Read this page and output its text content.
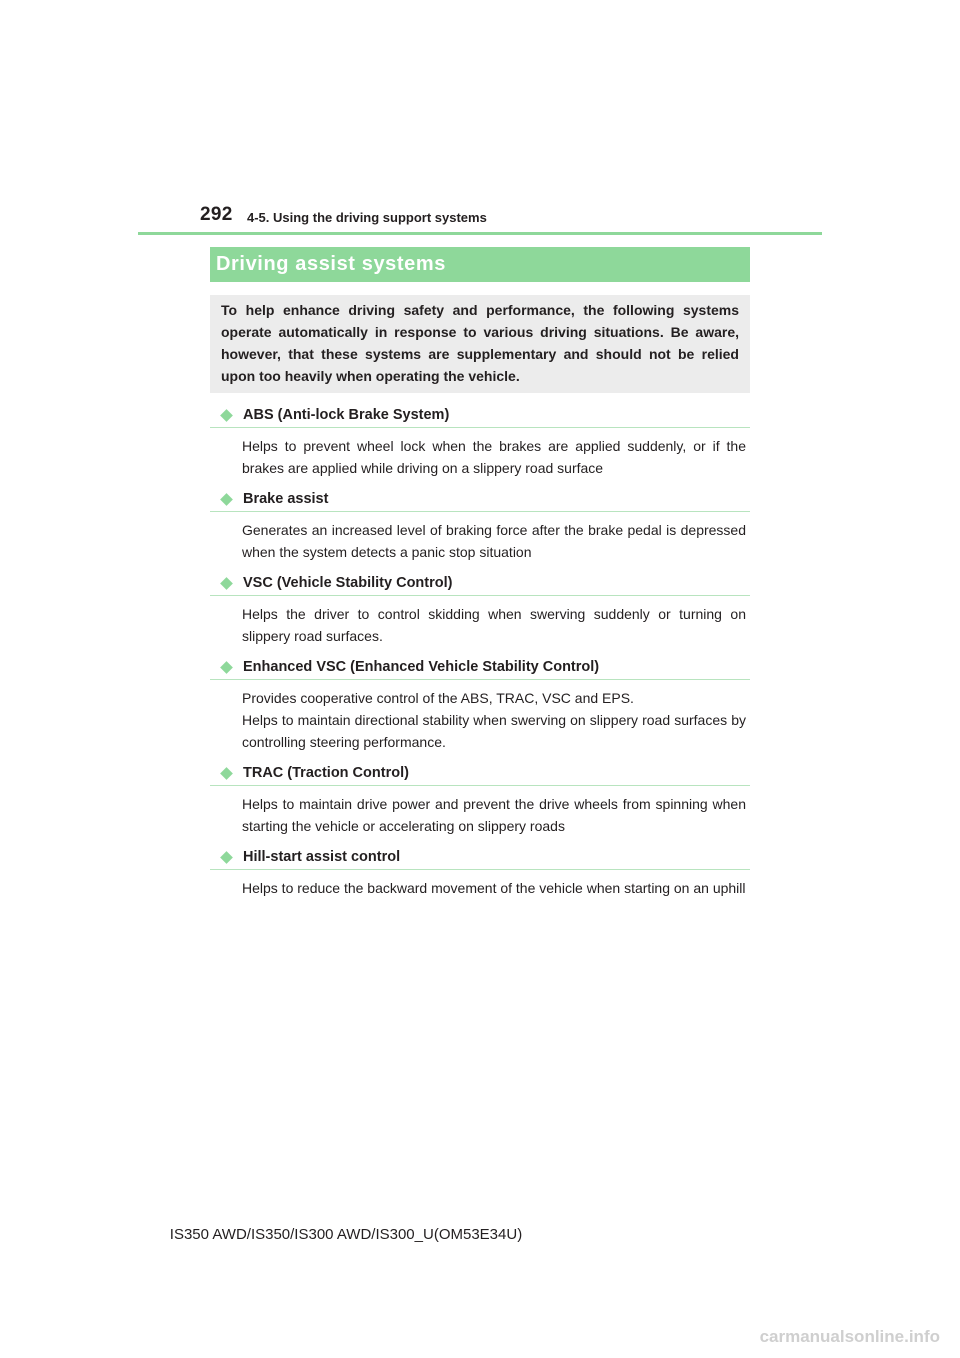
292 4-5. Using the driving support systems
Driving assist systems

To help enhance driving safety and performance, the following systems operate automatically in response to various driving situations. Be aware, however, that these systems are supplementary and should not be relied upon too heavily when operating the vehicle.

ABS (Anti-lock Brake System)

Helps to prevent wheel lock when the brakes are applied suddenly, or if the brakes are applied while driving on a slippery road surface

Brake assist

Generates an increased level of braking force after the brake pedal is depressed when the system detects a panic stop situation

VSC (Vehicle Stability Control)

Helps the driver to control skidding when swerving suddenly or turning on slippery road surfaces.

Enhanced VSC (Enhanced Vehicle Stability Control)

Provides cooperative control of the ABS, TRAC, VSC and EPS.

Helps to maintain directional stability when swerving on slippery road surfaces by controlling steering performance.

TRAC (Traction Control)

Helps to maintain drive power and prevent the drive wheels from spinning when starting the vehicle or accelerating on slippery roads

Hill-start assist control

Helps to reduce the backward movement of the vehicle when starting on an uphill

IS350 AWD/IS350/IS300 AWD/IS300_U(OM53E34U)
carmanualsonline.info
